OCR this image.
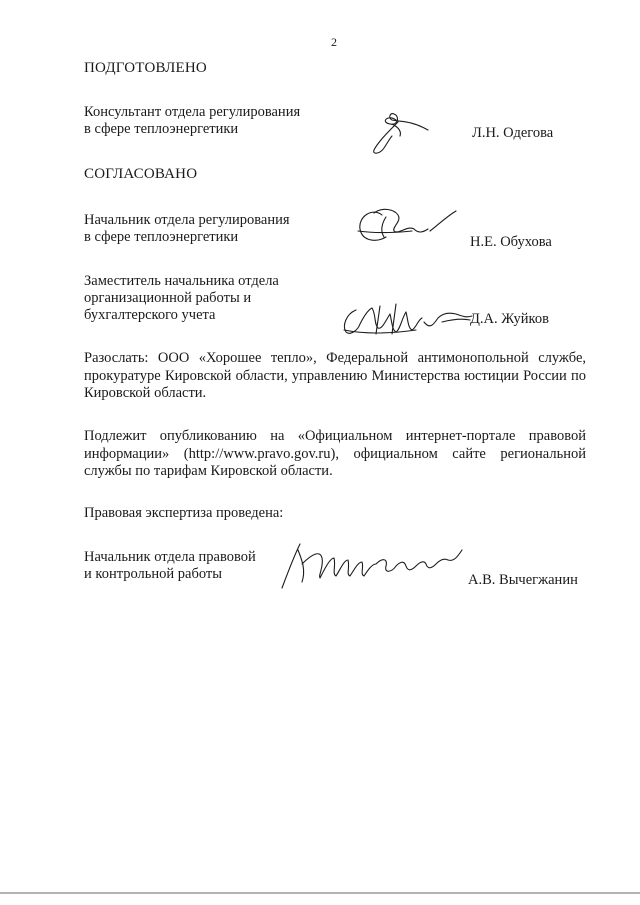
2
ПОДГОТОВЛЕНО
Консультант отдела регулирования
в сфере теплоэнергетики	Л.Н. Одегова
СОГЛАСОВАНО
Начальник отдела регулирования
в сфере теплоэнергетики	Н.Е. Обухова
Заместитель начальника отдела
организационной работы и
бухгалтерского учета	Д.А. Жуйков
Разослать: ООО «Хорошее тепло», Федеральной антимонопольной службе, прокуратуре Кировской области, управлению Министерства юстиции России по Кировской области.
Подлежит опубликованию на «Официальном интернет-портале правовой информации» (http://www.pravo.gov.ru), официальном сайте региональной службы по тарифам Кировской области.
Правовая экспертиза проведена:
Начальник отдела правовой
и контрольной работы	А.В. Вычегжанин
